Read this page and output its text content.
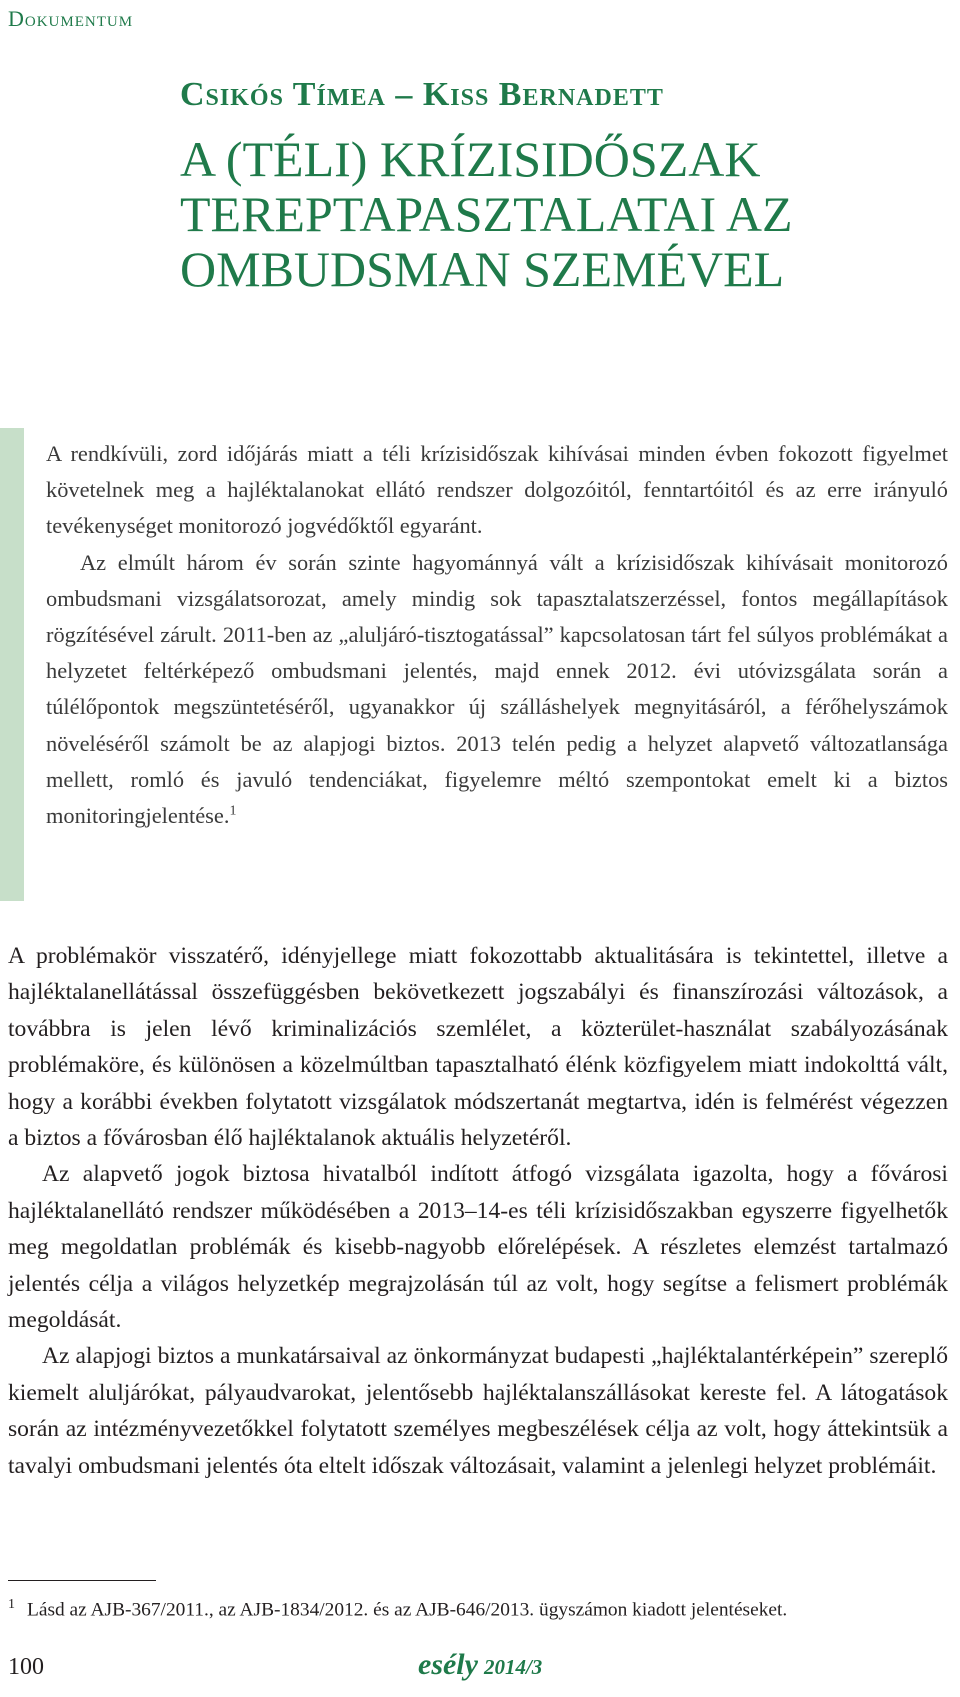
Dokumentum
Csikós Tímea – Kiss Bernadett
A (TÉLI) KRÍZISIDŐSZAK
TEREPTAPASZTALATAI AZ
OMBUDSMAN SZEMÉVEL

A rendkívüli, zord időjárás miatt a téli krízisidőszak kihívásai minden évben fokozott figyelmet követelnek meg a hajléktalanokat ellátó rendszer dolgozóitól, fenntartóitól és az erre irányuló tevékenységet monitorozó jogvédőktől egyaránt.

Az elmúlt három év során szinte hagyománnyá vált a krízisidőszak kihívásait monitorozó ombudsmani vizsgálatsorozat, amely mindig sok tapasztalatszerzéssel, fontos megállapítások rögzítésével zárult. 2011-ben az „aluljáró-tisztogatással” kapcsolatosan tárt fel súlyos problémákat a helyzetet feltérképező ombudsmani jelentés, majd ennek 2012. évi utóvizsgálata során a túlélőpontok megszüntetéséről, ugyanakkor új szálláshelyek megnyitásáról, a férőhelyszámok növeléséről számolt be az alapjogi biztos. 2013 telén pedig a helyzet alapvető változatlansága mellett, romló és javuló tendenciákat, figyelemre méltó szempontokat emelt ki a biztos monitoringjelentése.$^1$

A problémakör visszatérő, idényjellege miatt fokozottabb aktualitására is tekintettel, illetve a hajléktalanellátással összefüggésben bekövetkezett jogszabályi és finanszírozási változások, a továbbra is jelen lévő kriminalizációs szemlélet, a közterület-használat szabályozásának problémaköre, és különösen a közelmúltban tapasztalható élénk közfigyelem miatt indokolttá vált, hogy a korábbi években folytatott vizsgálatok módszertanát megtartva, idén is felmérést végezzen a biztos a fővárosban élő hajléktalanok aktuális helyzetéről.

Az alapvető jogok biztosa hivatalból indított átfogó vizsgálata igazolta, hogy a fővárosi hajléktalanellátó rendszer működésében a 2013–14-es téli krízisidőszakban egyszerre figyelhetők meg megoldatlan problémák és kisebb-nagyobb előrelépések. A részletes elemzést tartalmazó jelentés célja a világos helyzetkép megrajzolásán túl az volt, hogy segítse a felismert problémák megoldását.

Az alapjogi biztos a munkatársaival az önkormányzat budapesti „hajléktalantérképein” szereplő kiemelt aluljárókat, pályaudvarokat, jelentősebb hajléktalanszállásokat kereste fel. A látogatások során az intézményvezetőkkel folytatott személyes megbeszélések célja az volt, hogy áttekintsük a tavalyi ombudsmani jelentés óta eltelt időszak változásait, valamint a jelenlegi helyzet problémáit.

$^1$ Lásd az AJB-367/2011., az AJB-1834/2012. és az AJB-646/2013. ügyszámon kiadott jelentéseket.
100	esély 2014/3
